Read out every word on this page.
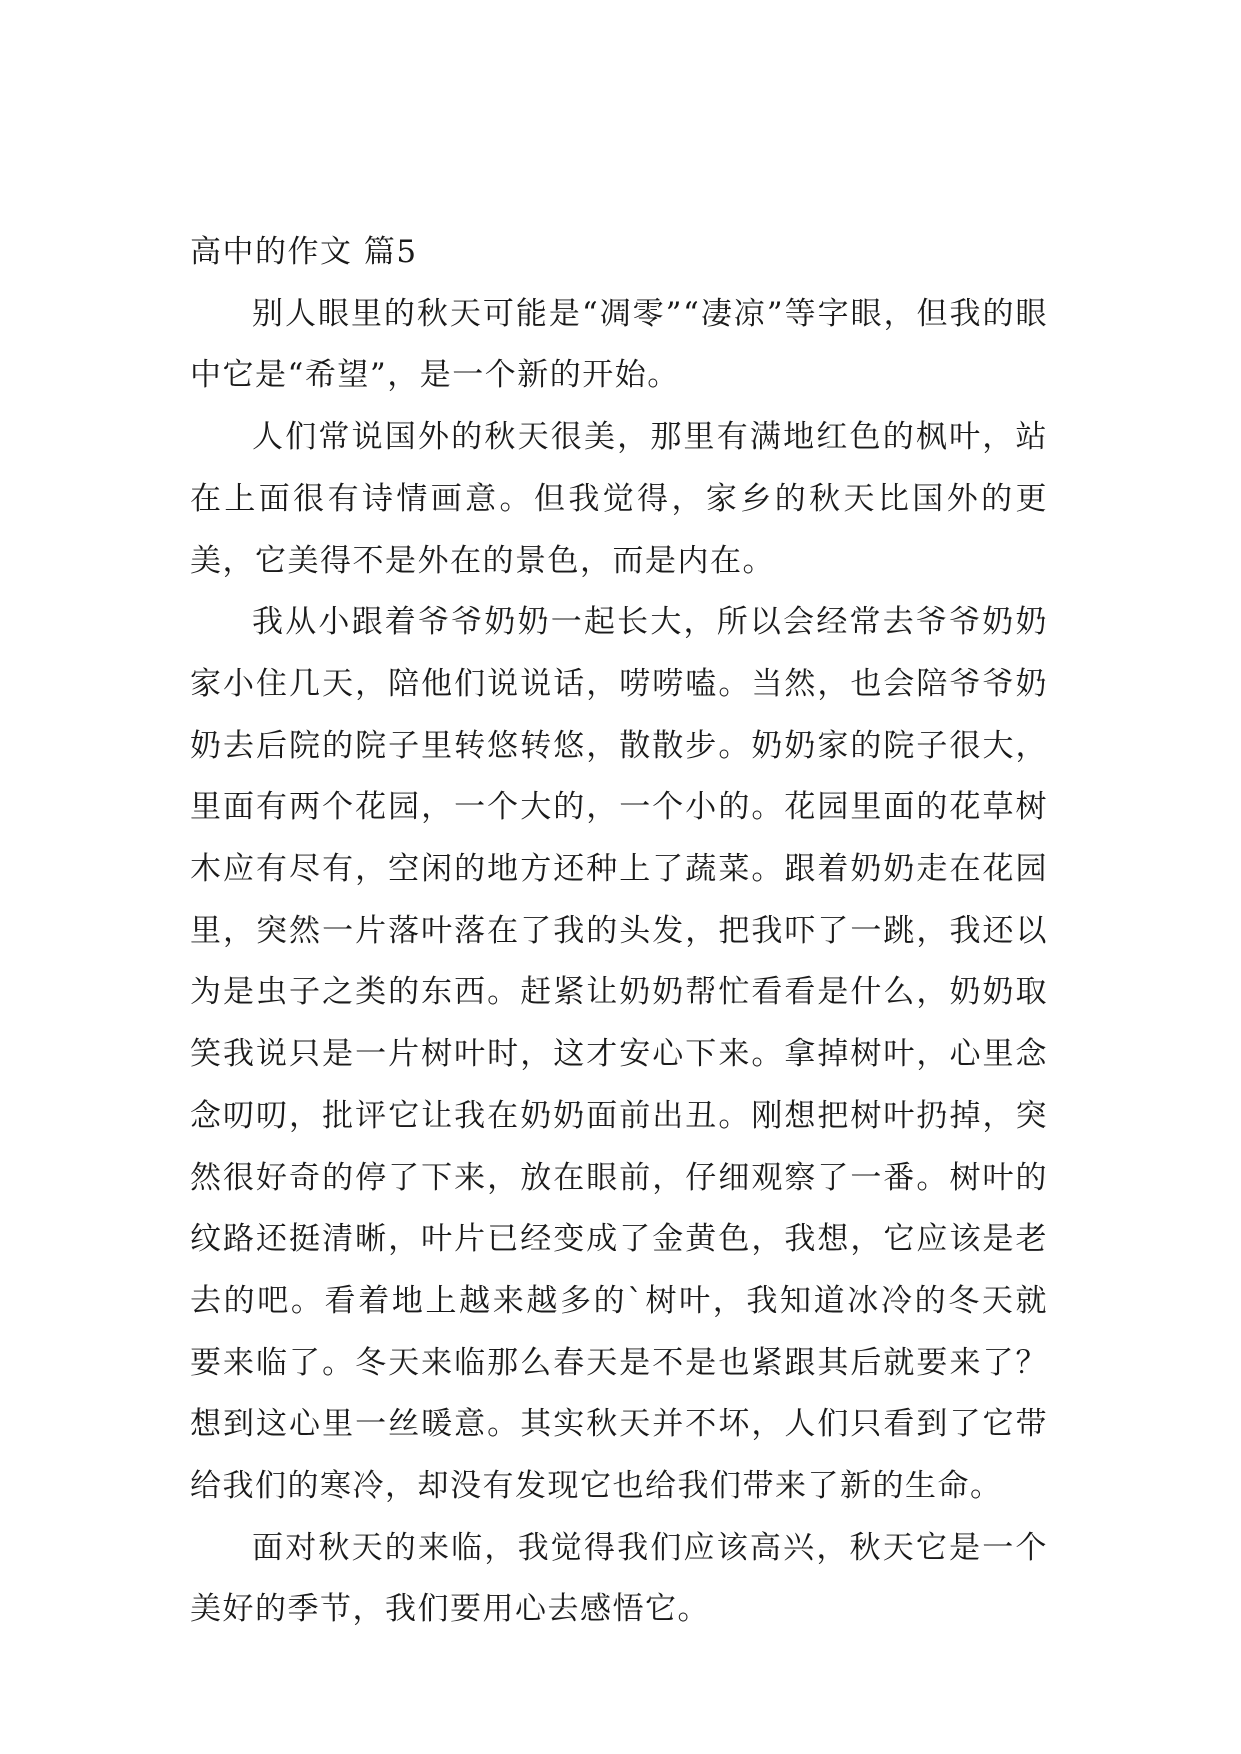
高中的作文 篇5

别人眼里的秋天可能是“凋零”“凄凉”等字眼，但我的眼中它是“希望”，是一个新的开始。

人们常说国外的秋天很美，那里有满地红色的枫叶，站在上面很有诗情画意。但我觉得，家乡的秋天比国外的更美，它美得不是外在的景色，而是内在。

我从小跟着爷爷奶奶一起长大，所以会经常去爷爷奶奶家小住几天，陪他们说说话，唠唠嗑。当然，也会陪爷爷奶奶去后院的院子里转悠转悠，散散步。奶奶家的院子很大，里面有两个花园，一个大的，一个小的。花园里面的花草树木应有尽有，空闲的地方还种上了蔬菜。跟着奶奶走在花园里，突然一片落叶落在了我的头发，把我吓了一跳，我还以为是虫子之类的东西。赶紧让奶奶帮忙看看是什么，奶奶取笑我说只是一片树叶时，这才安心下来。拿掉树叶，心里念念叨叨，批评它让我在奶奶面前出丑。刚想把树叶扔掉，突然很好奇的停了下来，放在眼前，仔细观察了一番。树叶的纹路还挺清晰，叶片已经变成了金黄色，我想，它应该是老去的吧。看着地上越来越多的`树叶，我知道冰冷的冬天就要来临了。冬天来临那么春天是不是也紧跟其后就要来了？想到这心里一丝暖意。其实秋天并不坏，人们只看到了它带给我们的寒冷，却没有发现它也给我们带来了新的生命。

面对秋天的来临，我觉得我们应该高兴，秋天它是一个美好的季节，我们要用心去感悟它。
